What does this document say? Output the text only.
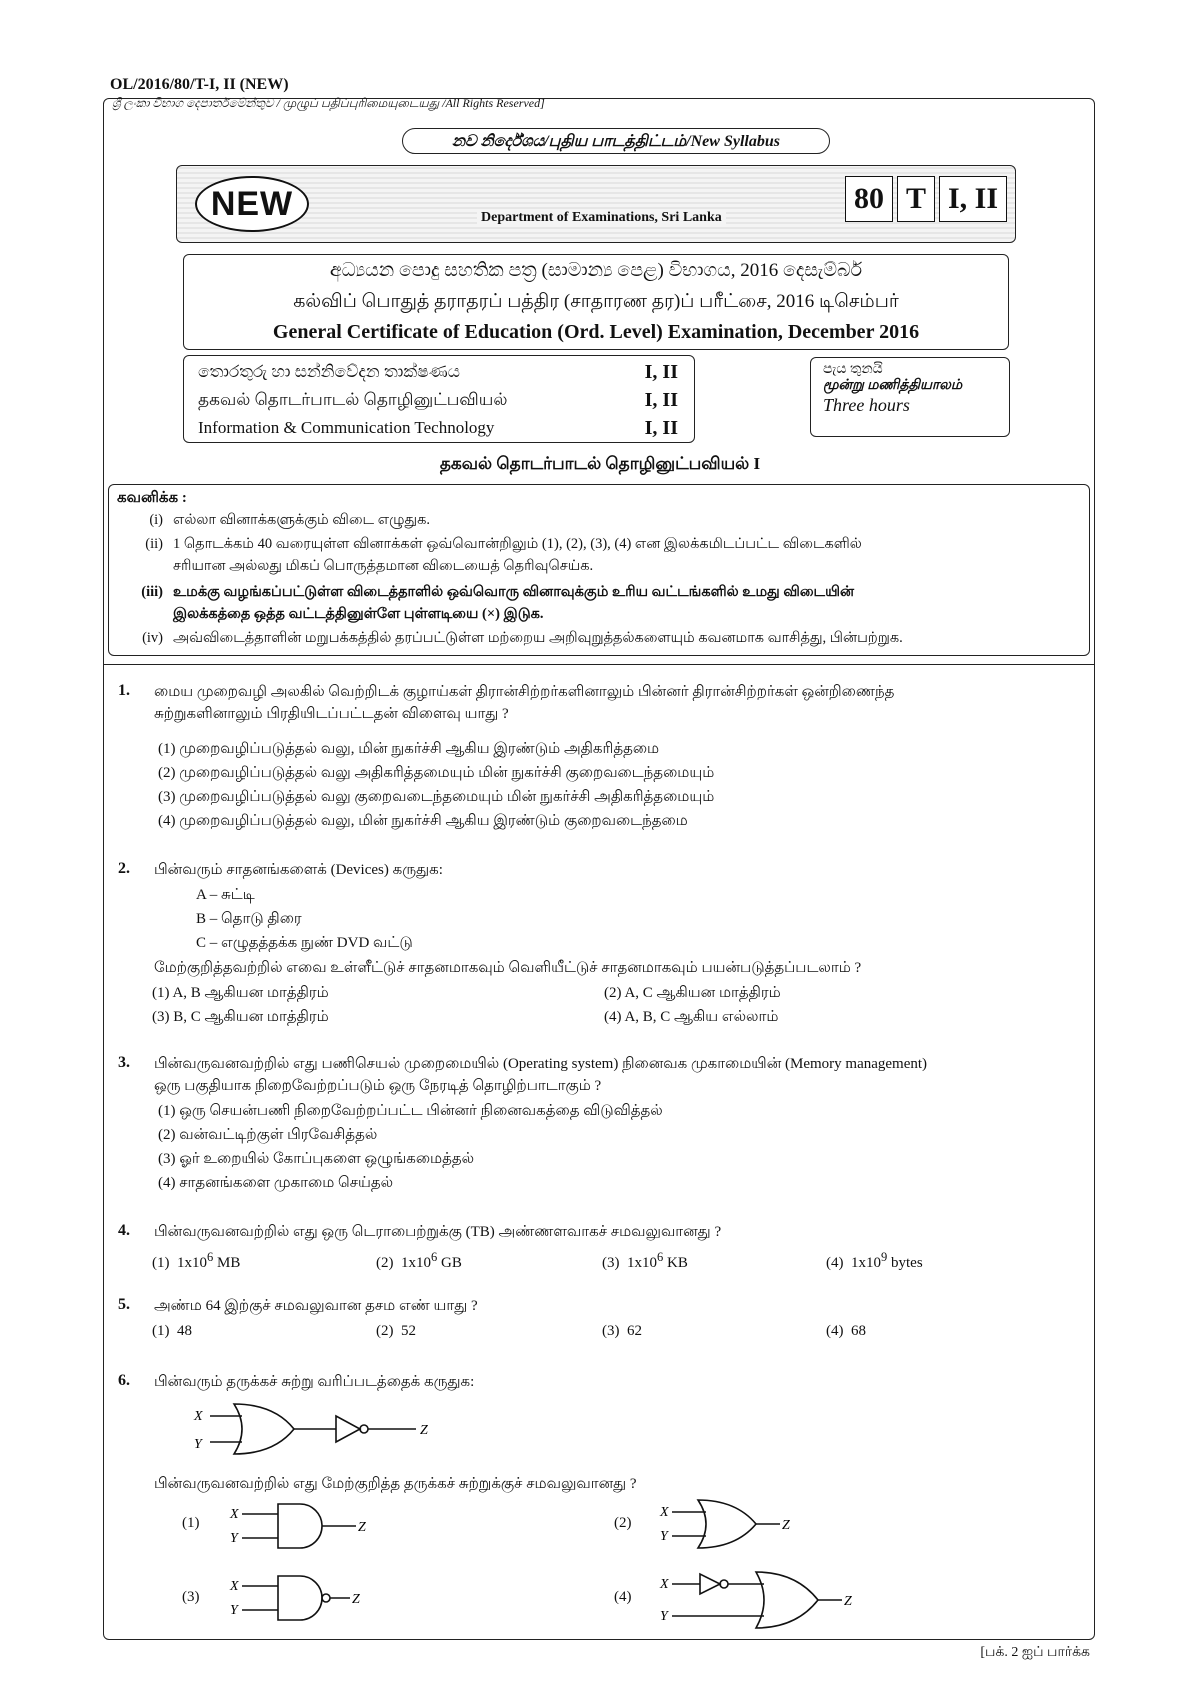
OL/2016/80/T-I, II (NEW)
ශ්‍රී ලංකා විභාග දෙපාර්තමේන්තුව / முழுப் பதிப்புரிமையுடையது /All Rights Reserved]
නව නිර්දේශය/புதிய பாடத்திட்டம்/New Syllabus
NEW	Department of Examinations, Sri Lanka
80 T I, II
අධ්‍යයන පොදු සහතික පත්‍ර (සාමාන්‍ය පෙළ) විභාගය, 2016 දෙසැම්බර්
கல்விப் பொதுத் தராதரப் பத்திர (சாதாரண தர)ப் பரீட்சை, 2016 டிசெம்பர்
General Certificate of Education (Ord. Level) Examination, December 2016
තොරතුරු හා සන්නිවේදන තාක්ෂණය	I, II
தகவல் தொடர்பாடல் தொழினுட்பவியல்	I, II
Information & Communication Technology	I, II
පැය තුනයි
மூன்று மணித்தியாலம்
Three hours
தகவல் தொடர்பாடல் தொழினுட்பவியல் I
கவனிக்க :
(i) எல்லா வினாக்களுக்கும் விடை எழுதுக.
(ii) 1 தொடக்கம் 40 வரையுள்ள வினாக்கள் ஒவ்வொன்றிலும் (1), (2), (3), (4) என இலக்கமிடப்பட்ட விடைகளில்
சரியான அல்லது மிகப் பொருத்தமான விடையைத் தெரிவுசெய்க.
(iii) உமக்கு வழங்கப்பட்டுள்ள விடைத்தாளில் ஒவ்வொரு வினாவுக்கும் உரிய வட்டங்களில் உமது விடையின்
இலக்கத்தை ஒத்த வட்டத்தினுள்ளே புள்ளடியை (×) இடுக.
(iv) அவ்விடைத்தாளின் மறுபக்கத்தில் தரப்பட்டுள்ள மற்றைய அறிவுறுத்தல்களையும் கவனமாக வாசித்து, பின்பற்றுக.
1. மைய முறைவழி அலகில் வெற்றிடக் குழாய்கள் திரான்சிற்றர்களினாலும் பின்னர் திரான்சிற்றர்கள் ஒன்றிணைந்த
சுற்றுகளினாலும் பிரதியிடப்பட்டதன் விளைவு யாது ?
(1) முறைவழிப்படுத்தல் வலு, மின் நுகர்ச்சி ஆகிய இரண்டும் அதிகரித்தமை
(2) முறைவழிப்படுத்தல் வலு அதிகரித்தமையும் மின் நுகர்ச்சி குறைவடைந்தமையும்
(3) முறைவழிப்படுத்தல் வலு குறைவடைந்தமையும் மின் நுகர்ச்சி அதிகரித்தமையும்
(4) முறைவழிப்படுத்தல் வலு, மின் நுகர்ச்சி ஆகிய இரண்டும் குறைவடைந்தமை
2. பின்வரும் சாதனங்களைக் (Devices) கருதுக:
A – சுட்டி
B – தொடு திரை
C – எழுதத்தக்க நுண் DVD வட்டு
மேற்குறித்தவற்றில் எவை உள்ளீட்டுச் சாதனமாகவும் வெளியீட்டுச் சாதனமாகவும் பயன்படுத்தப்படலாம் ?
(1) A, B ஆகியன மாத்திரம்	(2) A, C ஆகியன மாத்திரம்
(3) B, C ஆகியன மாத்திரம்	(4) A, B, C ஆகிய எல்லாம்
3. பின்வருவனவற்றில் எது பணிசெயல் முறைமையில் (Operating system) நினைவக முகாமையின் (Memory management)
ஒரு பகுதியாக நிறைவேற்றப்படும் ஒரு நேரடித் தொழிற்பாடாகும் ?
(1) ஒரு செயன்பணி நிறைவேற்றப்பட்ட பின்னர் நினைவகத்தை விடுவித்தல்
(2) வன்வட்டிற்குள் பிரவேசித்தல்
(3) ஓர் உறையில் கோப்புகளை ஒழுங்கமைத்தல்
(4) சாதனங்களை முகாமை செய்தல்
4. பின்வருவனவற்றில் எது ஒரு டெராபைற்றுக்கு (TB) அண்ணளவாகச் சமவலுவானது ?
(1) $1x10^6$ MB	(2) $1x10^6$ GB	(3) $1x10^6$ KB	(4) $1x10^9$ bytes
5. அண்ம 64 இற்குச் சமவலுவான தசம எண் யாது ?
(1) 48	(2) 52	(3) 62	(4) 68
6. பின்வரும் தருக்கச் சுற்று வரிப்படத்தைக் கருதுக:
X
Y
Z
பின்வருவனவற்றில் எது மேற்குறித்த தருக்கச் சுற்றுக்குச் சமவலுவானது ?
(1)
X
Y
Z	(2)
X
Y
Z
(3)
X
Y
Z	(4)
X
Y
Z
[பக். 2 ஐப் பார்க்க
